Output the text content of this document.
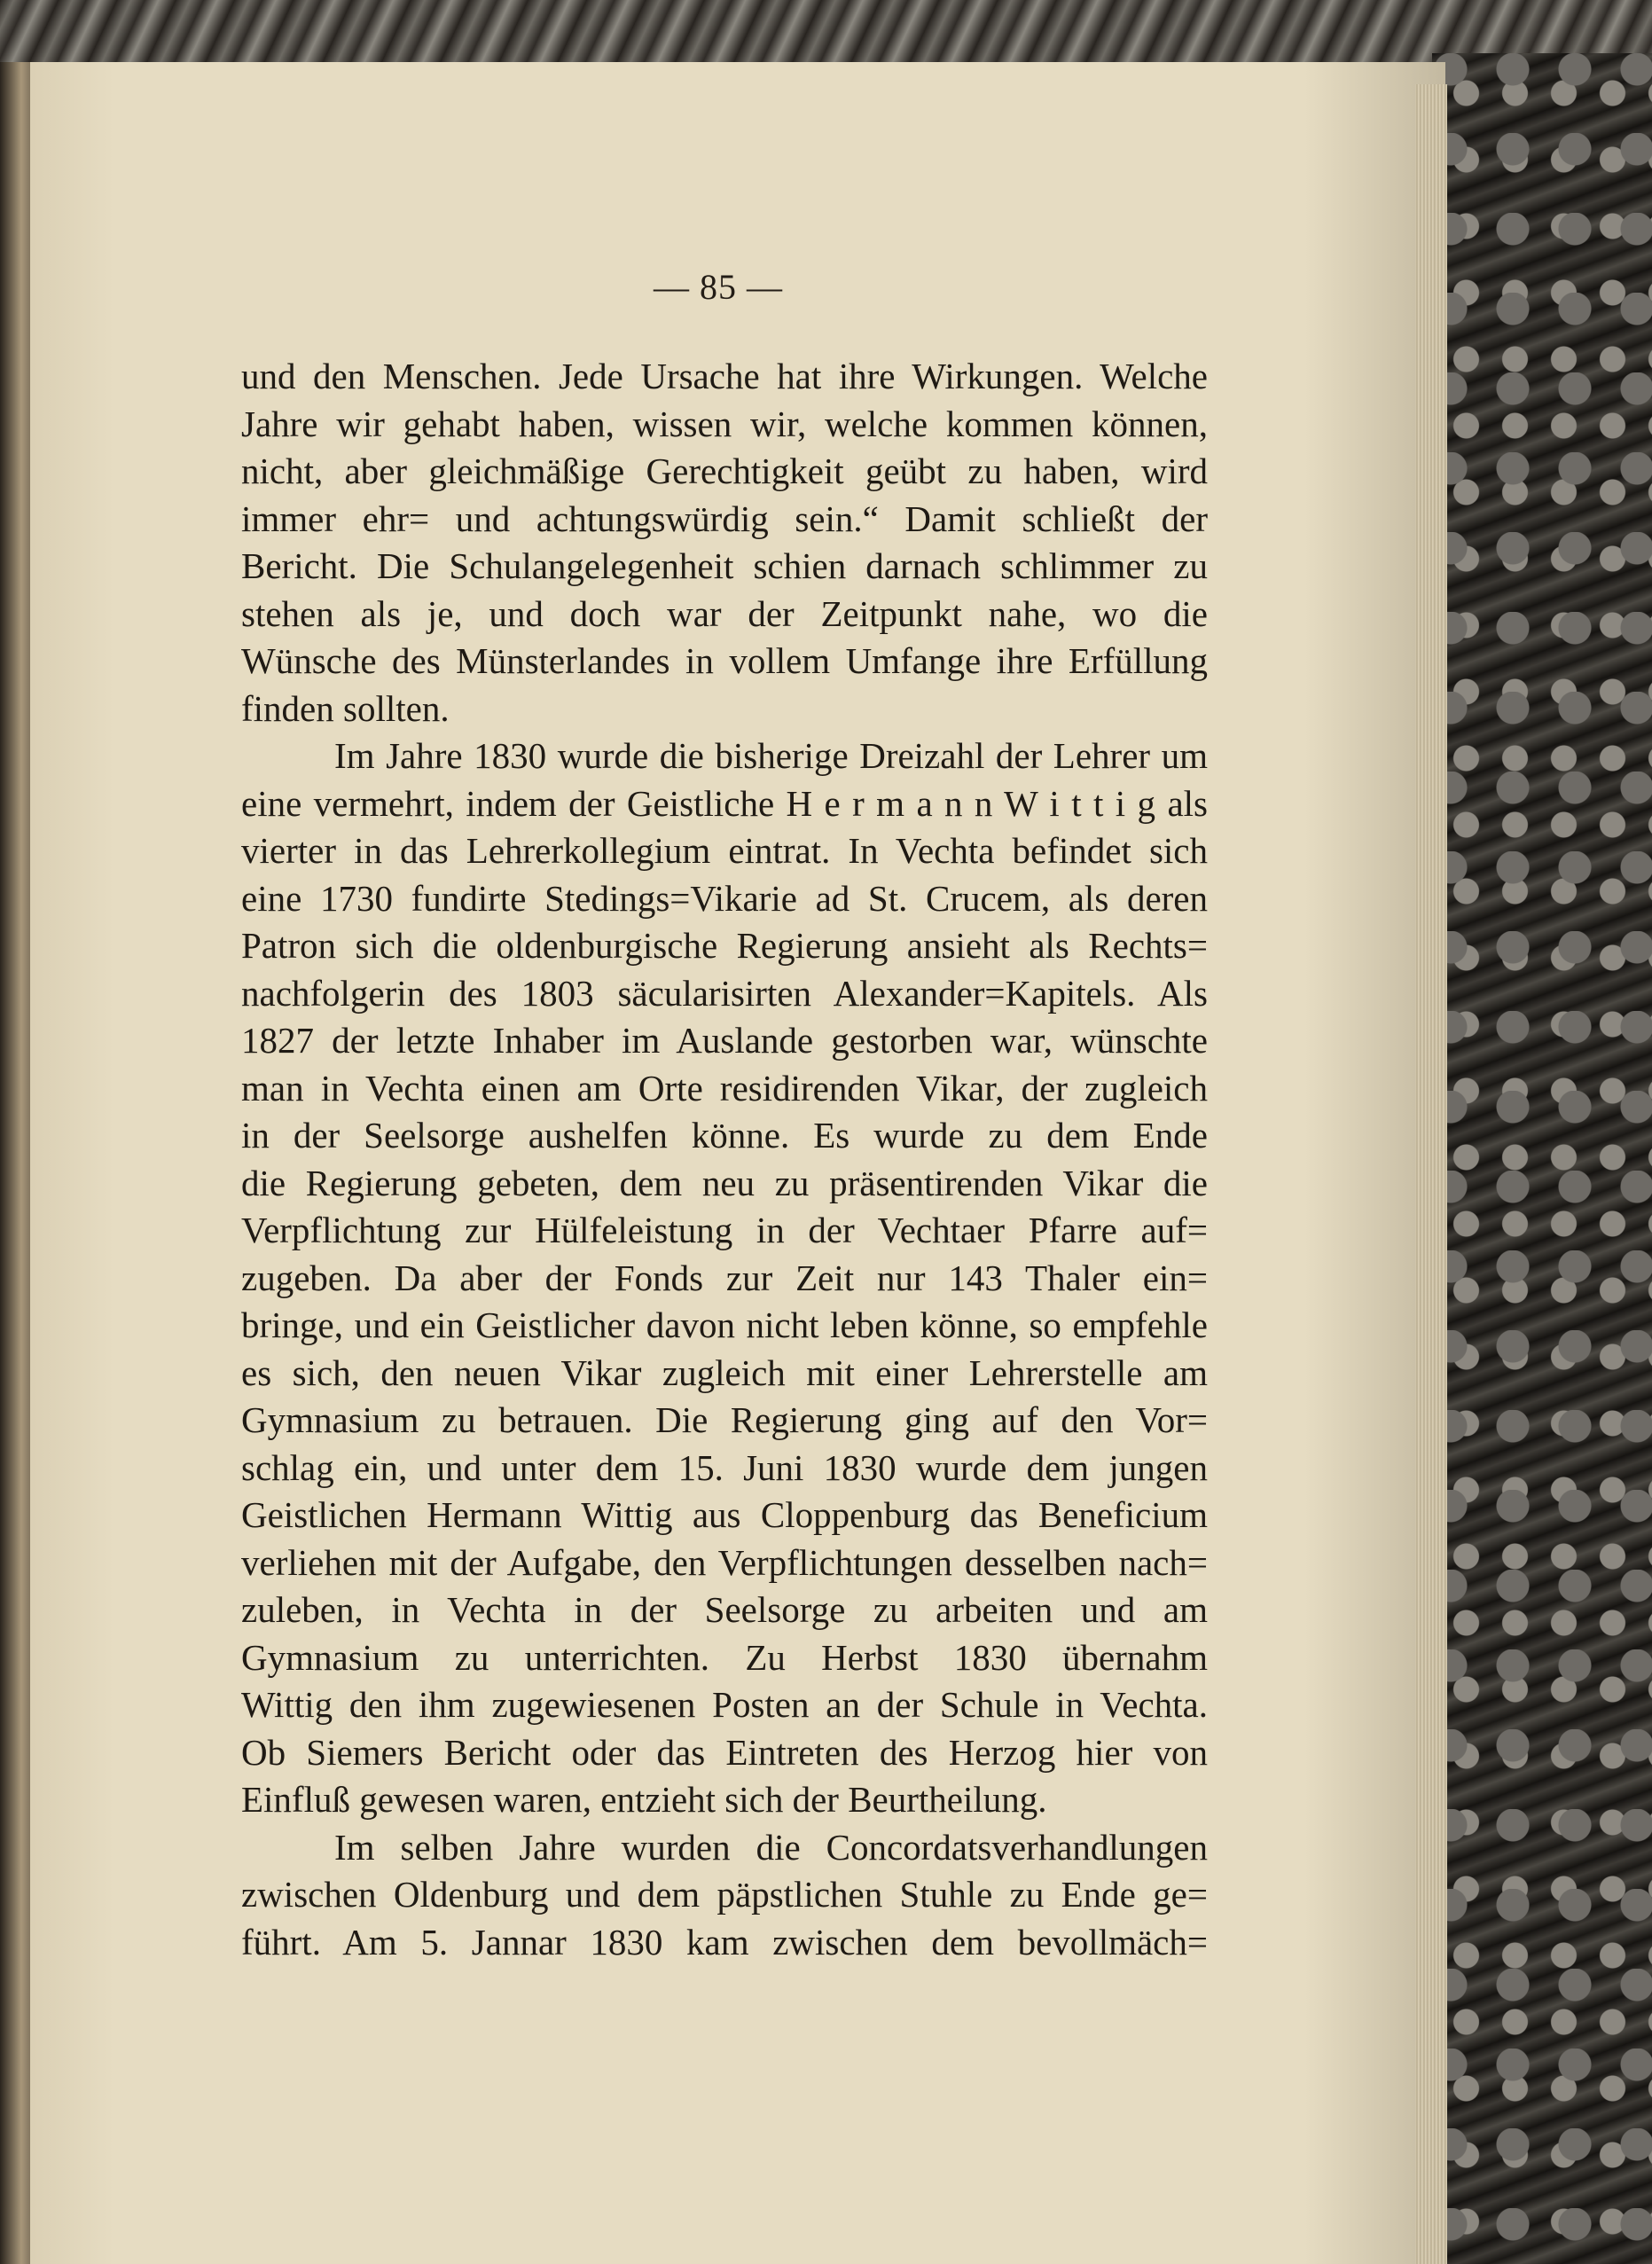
— 85 —
und den Menschen. Jede Ursache hat ihre Wirkungen. Welche
Jahre wir gehabt haben, wissen wir, welche kommen können,
nicht, aber gleichmäßige Gerechtigkeit geübt zu haben, wird
immer ehr= und achtungswürdig sein.“ Damit schließt der
Bericht. Die Schulangelegenheit schien darnach schlimmer zu
stehen als je, und doch war der Zeitpunkt nahe, wo die
Wünsche des Münsterlandes in vollem Umfange ihre Erfüllung
finden sollten.
Im Jahre 1830 wurde die bisherige Dreizahl der Lehrer um
eine vermehrt, indem der Geistliche H e r m a n n W i t t i g als
vierter in das Lehrerkollegium eintrat. In Vechta befindet sich
eine 1730 fundirte Stedings=Vikarie ad St. Crucem, als deren
Patron sich die oldenburgische Regierung ansieht als Rechts=
nachfolgerin des 1803 säcularisirten Alexander=Kapitels. Als
1827 der letzte Inhaber im Auslande gestorben war, wünschte
man in Vechta einen am Orte residirenden Vikar, der zugleich
in der Seelsorge aushelfen könne. Es wurde zu dem Ende
die Regierung gebeten, dem neu zu präsentirenden Vikar die
Verpflichtung zur Hülfeleistung in der Vechtaer Pfarre auf=
zugeben. Da aber der Fonds zur Zeit nur 143 Thaler ein=
bringe, und ein Geistlicher davon nicht leben könne, so empfehle
es sich, den neuen Vikar zugleich mit einer Lehrerstelle am
Gymnasium zu betrauen. Die Regierung ging auf den Vor=
schlag ein, und unter dem 15. Juni 1830 wurde dem jungen
Geistlichen Hermann Wittig aus Cloppenburg das Beneficium
verliehen mit der Aufgabe, den Verpflichtungen desselben nach=
zuleben, in Vechta in der Seelsorge zu arbeiten und am
Gymnasium zu unterrichten. Zu Herbst 1830 übernahm
Wittig den ihm zugewiesenen Posten an der Schule in Vechta.
Ob Siemers Bericht oder das Eintreten des Herzog hier von
Einfluß gewesen waren, entzieht sich der Beurtheilung.
Im selben Jahre wurden die Concordatsverhandlungen
zwischen Oldenburg und dem päpstlichen Stuhle zu Ende ge=
führt. Am 5. Jannar 1830 kam zwischen dem bevollmäch=
